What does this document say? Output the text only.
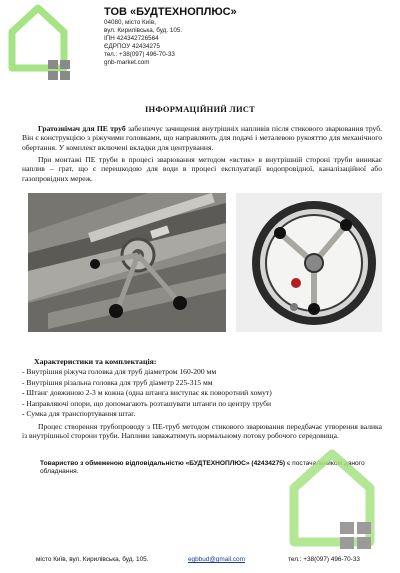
ТОВ «БУДТЕХНОПЛЮС»
04080, місто Київ,
вул. Кирилівська, буд. 105.
ІПН 424342726564
ЄДРПОУ 42434275
тел.: +38(097) 496-70-33
gnb-market.com
ІНФОРМАЦІЙНИЙ ЛИСТ
Гратознімач для ПЕ труб забезпечує зачищення внутрішніх напливів після стикового зварювання труб. Він є конструкцією з ріжучими головками, що направляють для подачі і металевою рукояттю для механічного обертання. У комплект включені вкладки для центрування.
При монтажі ПЕ труби в процесі зварювання методом «встик» в внутрішній стороні труби виникає наплив – грат, що є перешкодою для води в процесі експлуатації водопровідної, каналізаційної або газопровідних мереж.
Характеристики та комплектація:
- Внутрішня ріжуча головка для труб діаметром 160-200 мм
- Внутрішня різальна головка для труб діаметр 225-315 мм
- Штанг довжиною 2-3 м кожна (одна штанга виступає як поворотний хомут)
- Направляючі опори, що допомагають розташувати штанги по центру труби
- Сумка для транспортування штаг.
Процес створення трубопроводу з ПЕ-труб методом стикового зварювання передбачає утворення валика із внутрішньої сторони труби. Напливи заважатимуть нормальному потоку робочого середовища.
Товариство з обмеженою відповідальністю «БУДТЕХНОПЛЮС» (42434275) є постачальником даного обладнання.
місто Київ, вул. Кирилівська, буд. 105.	egbbud@gmail.com	тел.: +38(097) 496-70-33
